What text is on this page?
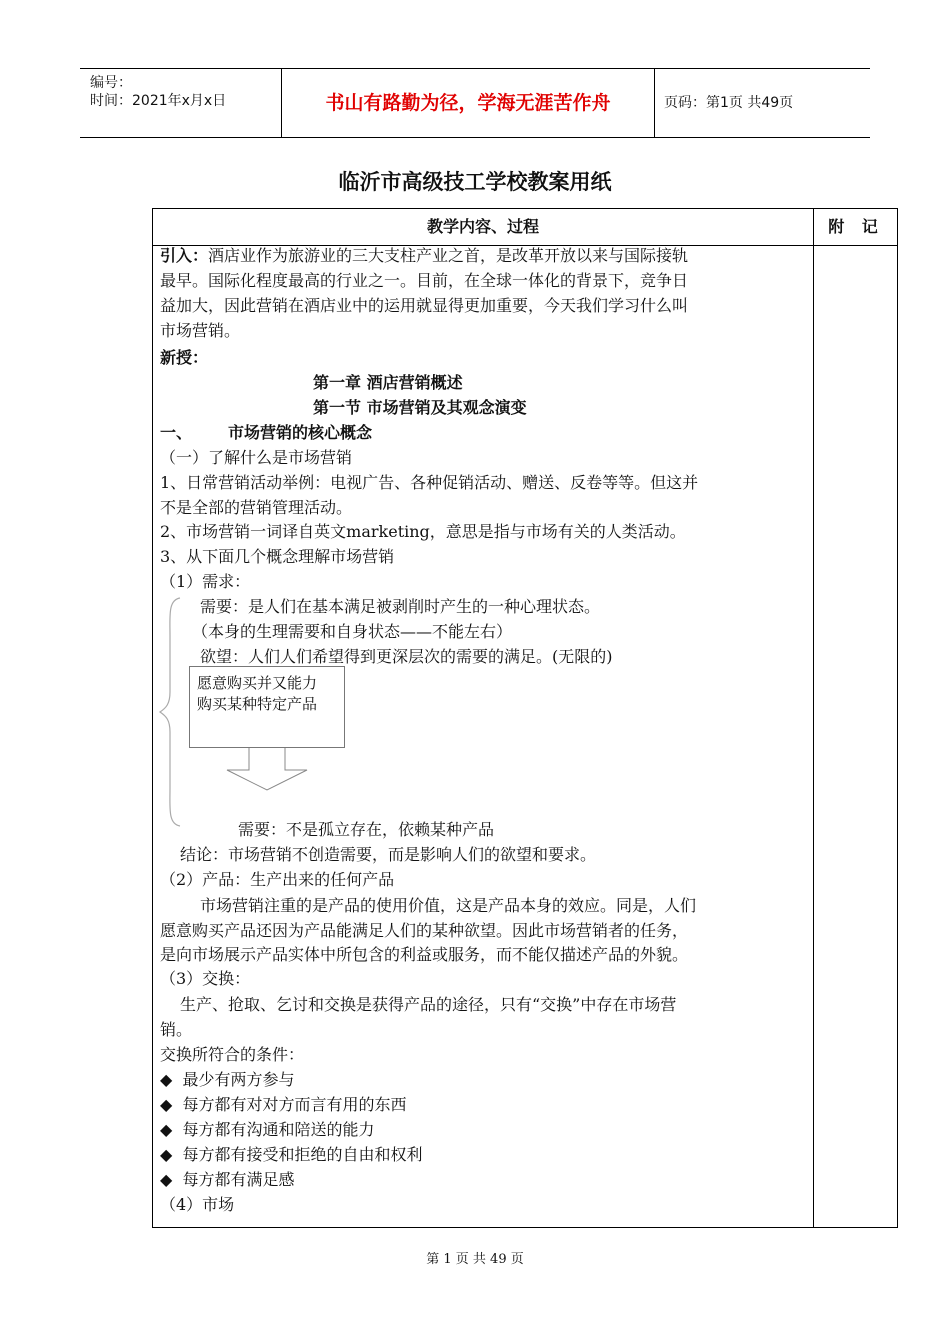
编号：
时间：2021年x月x日	书山有路勤为径，学海无涯苦作舟	页码：第1页 共49页
临沂市高级技工学校教案用纸
教学内容、过程	附 记
引入：酒店业作为旅游业的三大支柱产业之首，是改革开放以来与国际接轨
最早。国际化程度最高的行业之一。目前，在全球一体化的背景下，竞争日
益加大，因此营销在酒店业中的运用就显得更加重要，今天我们学习什么叫
市场营销。
新授：
第一章 酒店营销概述
第一节 市场营销及其观念演变
一、 市场营销的核心概念
（一）了解什么是市场营销
1、日常营销活动举例：电视广告、各种促销活动、赠送、反卷等等。但这并
不是全部的营销管理活动。
2、市场营销一词译自英文marketing，意思是指与市场有关的人类活动。
3、从下面几个概念理解市场营销
（1）需求：
需要：是人们在基本满足被剥削时产生的一种心理状态。
（本身的生理需要和自身状态——不能左右）
欲望：人们人们希望得到更深层次的需要的满足。(无限的)
需要：不是孤立存在，依赖某种产品
结论：市场营销不创造需要，而是影响人们的欲望和要求。
（2）产品：生产出来的任何产品
市场营销注重的是产品的使用价值，这是产品本身的效应。同是，人们
愿意购买产品还因为产品能满足人们的某种欲望。因此市场营销者的任务，
是向市场展示产品实体中所包含的利益或服务，而不能仅描述产品的外貌。
（3）交换：
生产、抢取、乞讨和交换是获得产品的途径，只有“交换”中存在市场营
销。
交换所符合的条件：
◆  最少有两方参与
◆  每方都有对对方而言有用的东西
◆  每方都有沟通和陪送的能力
◆  每方都有接受和拒绝的自由和权利
◆  每方都有满足感
（4）市场
愿意购买并又能力
购买某种特定产品
第 1 页 共 49 页
